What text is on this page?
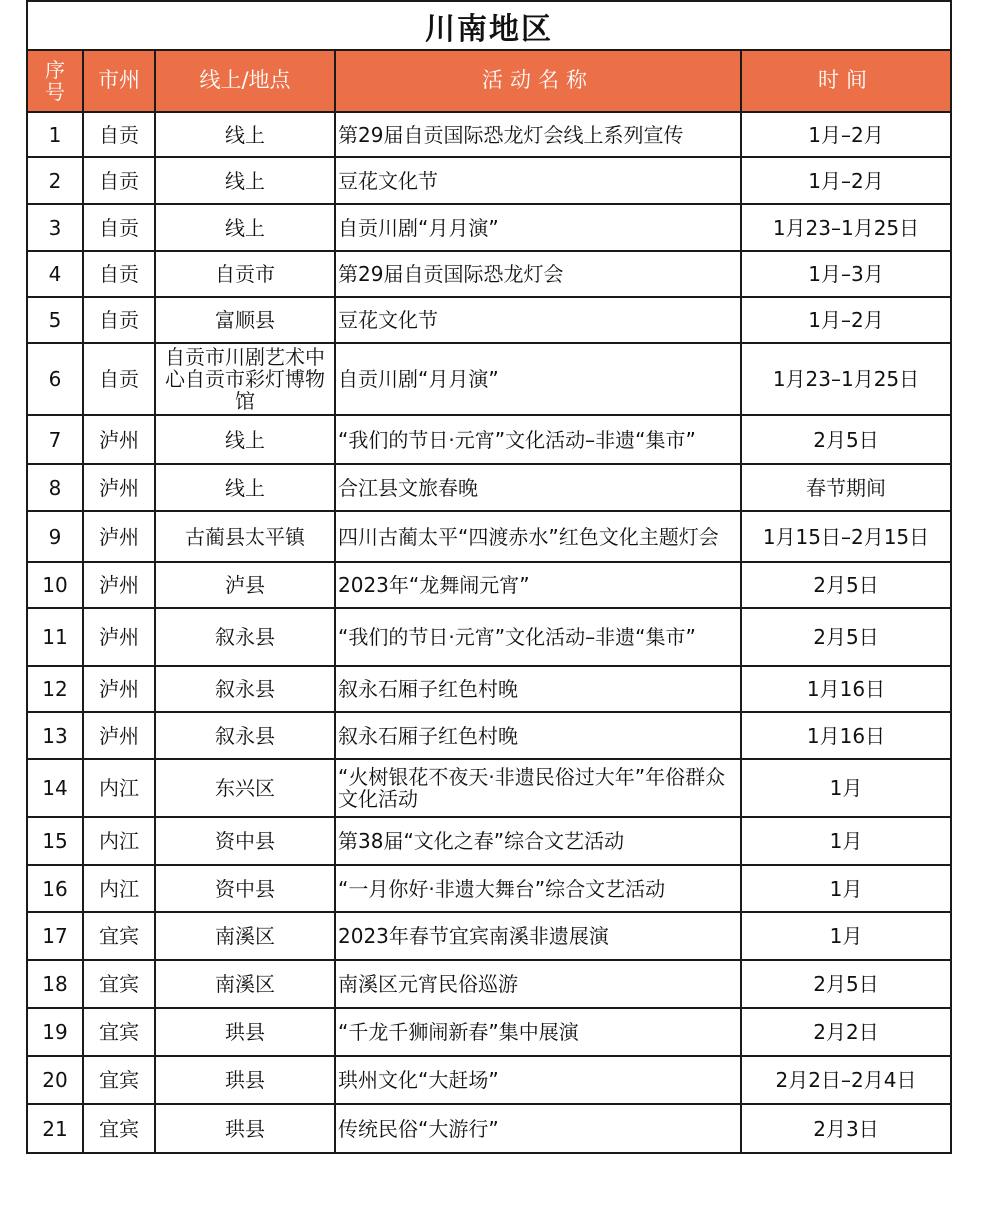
川南地区				
序号	市州	线上/地点	活动名称	时间
1	自贡	线上	第29届自贡国际恐龙灯会线上系列宣传	1月–2月
2	自贡	线上	豆花文化节	1月–2月
3	自贡	线上	自贡川剧“月月演”	1月23–1月25日
4	自贡	自贡市	第29届自贡国际恐龙灯会	1月–3月
5	自贡	富顺县	豆花文化节	1月–2月
6	自贡	自贡市川剧艺术中心自贡市彩灯博物馆	自贡川剧“月月演”	1月23–1月25日
7	泸州	线上	“我们的节日·元宵”文化活动–非遗“集市”	2月5日
8	泸州	线上	合江县文旅春晚	春节期间
9	泸州	古蔺县太平镇	四川古蔺太平“四渡赤水”红色文化主题灯会	1月15日–2月15日
10	泸州	泸县	2023年“龙舞闹元宵”	2月5日
11	泸州	叙永县	“我们的节日·元宵”文化活动–非遗“集市”	2月5日
12	泸州	叙永县	叙永石厢子红色村晚	1月16日
13	泸州	叙永县	叙永石厢子红色村晚	1月16日
14	内江	东兴区	“火树银花不夜天·非遗民俗过大年”年俗群众文化活动	1月
15	内江	资中县	第38届“文化之春”综合文艺活动	1月
16	内江	资中县	“一月你好·非遗大舞台”综合文艺活动	1月
17	宜宾	南溪区	2023年春节宜宾南溪非遗展演	1月
18	宜宾	南溪区	南溪区元宵民俗巡游	2月5日
19	宜宾	珙县	“千龙千狮闹新春”集中展演	2月2日
20	宜宾	珙县	珙州文化“大赶场”	2月2日–2月4日
21	宜宾	珙县	传统民俗“大游行”	2月3日
